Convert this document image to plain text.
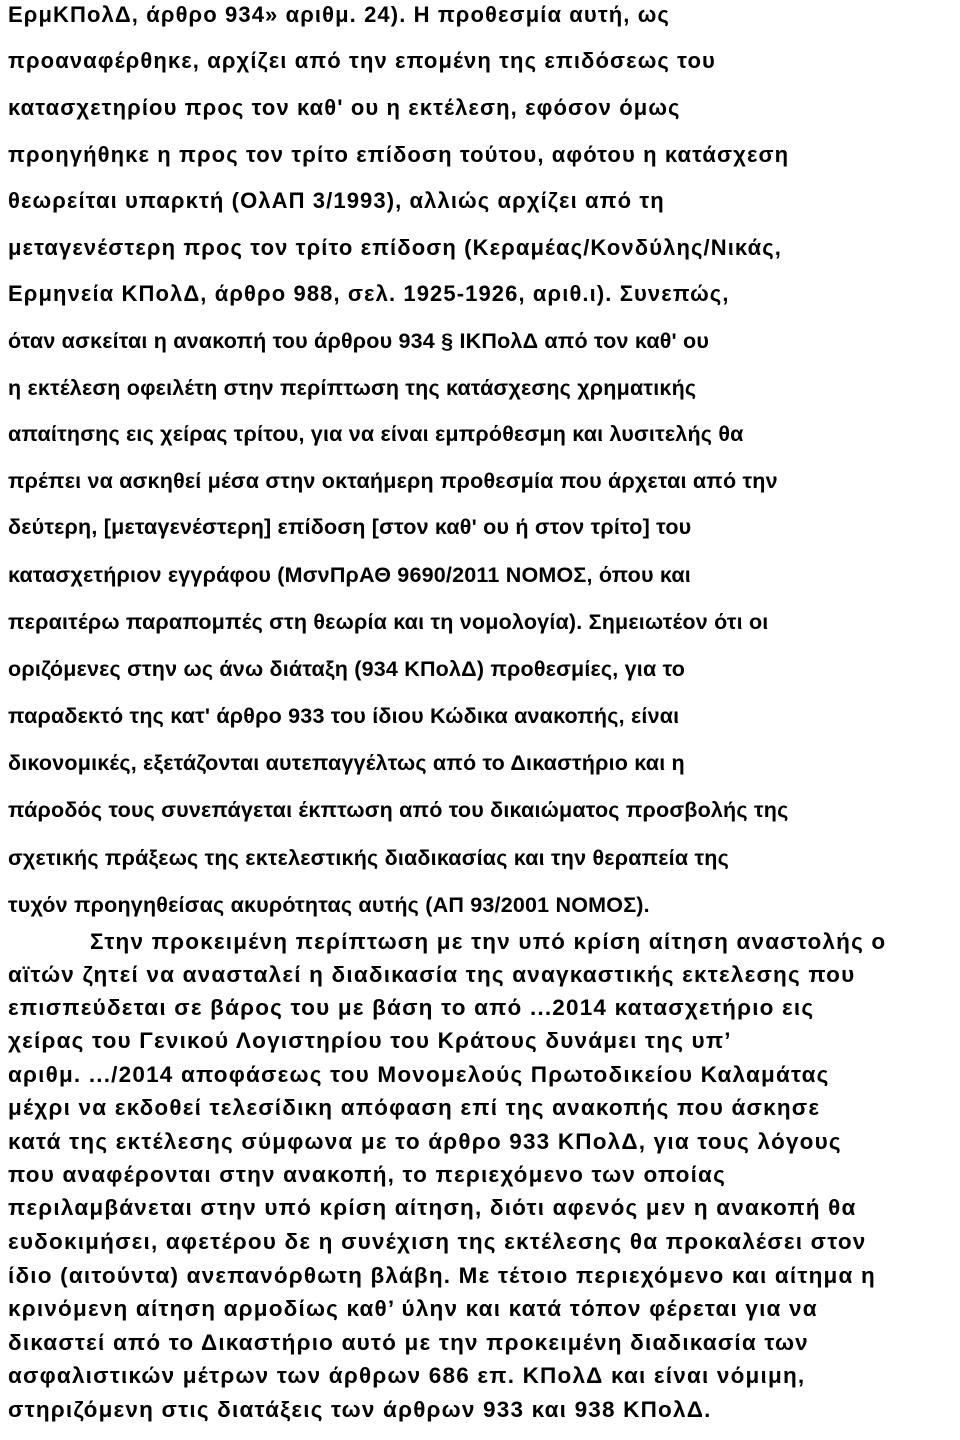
ΕρμΚΠολΔ, άρθρο 934» αριθμ. 24). Η προθεσμία αυτή, ως
προαναφέρθηκε, αρχίζει από την επομένη της επιδόσεως του
κατασχετηρίου προς τον καθ' ου η εκτέλεση, εφόσον όμως
προηγήθηκε η προς τον τρίτο επίδοση τούτου, αφότου η κατάσχεση
θεωρείται υπαρκτή (ΟλΑΠ 3/1993), αλλιώς αρχίζει από τη
μεταγενέστερη προς τον τρίτο επίδοση (Κεραμέας/Κονδύλης/Νικάς,
Ερμηνεία ΚΠολΔ, άρθρο 988, σελ. 1925-1926, αριθ.ι). Συνεπώς,
όταν ασκείται η ανακοπή του άρθρου 934 § ΙΚΠολΔ από τον καθ' ου
η εκτέλεση οφειλέτη στην περίπτωση της κατάσχεσης χρηματικής
απαίτησης εις χείρας τρίτου, για να είναι εμπρόθεσμη και λυσιτελής θα
πρέπει να ασκηθεί μέσα στην οκταήμερη προθεσμία που άρχεται από την
δεύτερη, [μεταγενέστερη] επίδοση [στον καθ' ου ή στον τρίτο] του
κατασχετήριον εγγράφου (ΜσνΠρΑΘ 9690/2011 ΝΟΜΟΣ, όπου και
περαιτέρω παραπομπές στη θεωρία και τη νομολογία). Σημειωτέον ότι οι
οριζόμενες στην ως άνω διάταξη (934 ΚΠολΔ) προθεσμίες, για το
παραδεκτό της κατ' άρθρο 933 του ίδιου Κώδικα ανακοπής, είναι
δικονομικές, εξετάζονται αυτεπαγγέλτως από το Δικαστήριο και η
πάροδός τους συνεπάγεται έκπτωση από του δικαιώματος προσβολής της
σχετικής πράξεως της εκτελεστικής διαδικασίας και την θεραπεία της
τυχόν προηγηθείσας ακυρότητας αυτής (ΑΠ 93/2001 ΝΟΜΟΣ).
Στην προκειμένη περίπτωση με την υπό κρίση αίτηση αναστολής ο
αϊτών ζητεί να ανασταλεί η διαδικασία της αναγκαστικής εκτελεσης που
επισπεύδεται σε βάρος του με βάση το από ...2014 κατασχετήριο εις
χείρας του Γενικού Λογιστηρίου του Κράτους δυνάμει της υπ’
αριθμ. .../2014 αποφάσεως του Μονομελούς Πρωτοδικείου Καλαμάτας
μέχρι να εκδοθεί τελεσίδικη απόφαση επί της ανακοπής που άσκησε
κατά της εκτέλεσης σύμφωνα με το άρθρο 933 ΚΠολΔ, για τους λόγους
που αναφέρονται στην ανακοπή, το περιεχόμενο των οποίας
περιλαμβάνεται στην υπό κρίση αίτηση, διότι αφενός μεν η ανακοπή θα
ευδοκιμήσει, αφετέρου δε η συνέχιση της εκτέλεσης θα προκαλέσει στον
ίδιο (αιτούντα) ανεπανόρθωτη βλάβη. Με τέτοιο περιεχόμενο και αίτημα η
κρινόμενη αίτηση αρμοδίως καθ’ ύλην και κατά τόπον φέρεται για να
δικαστεί από το Δικαστήριο αυτό με την προκειμένη διαδικασία των
ασφαλιστικών μέτρων των άρθρων 686 επ. ΚΠολΔ και είναι νόμιμη,
στηριζόμενη στις διατάξεις των άρθρων 933 και 938 ΚΠολΔ.
